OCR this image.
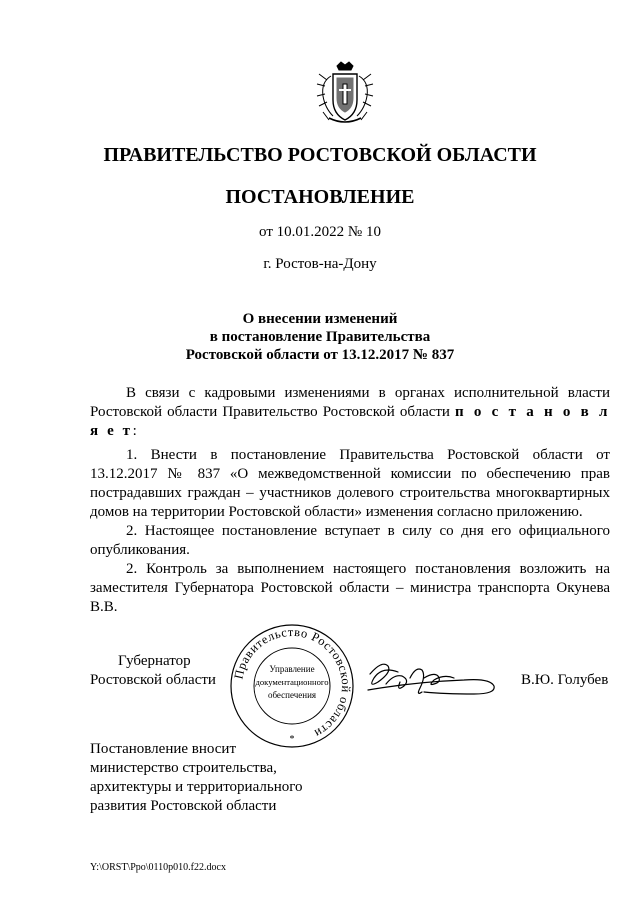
ПРАВИТЕЛЬСТВО РОСТОВСКОЙ ОБЛАСТИ
ПОСТАНОВЛЕНИЕ
от 10.01.2022 № 10
г. Ростов-на-Дону
О внесении изменений
в постановление Правительства
Ростовской области от 13.12.2017 № 837

В связи с кадровыми изменениями в органах исполнительной власти Ростовской области Правительство Ростовской области п о с т а н о в л я е т:

1. Внести в постановление Правительства Ростовской области от 13.12.2017 № 837 «О межведомственной комиссии по обеспечению прав пострадавших граждан – участников долевого строительства многоквартирных домов на территории Ростовской области» изменения согласно приложению.

2. Настоящее постановление вступает в силу со дня его официального опубликования.

2. Контроль за выполнением настоящего постановления возложить на заместителя Губернатора Ростовской области – министра транспорта Окунева В.В.

Губернатор
Ростовской области	В.Ю. Голубев
Правительство Ростовской области
Управление
документационного
обеспечения
*
Постановление вносит
министерство строительства,
архитектуры и территориального
развития Ростовской области
Y:\ORST\Ppo\0110p010.f22.docx
